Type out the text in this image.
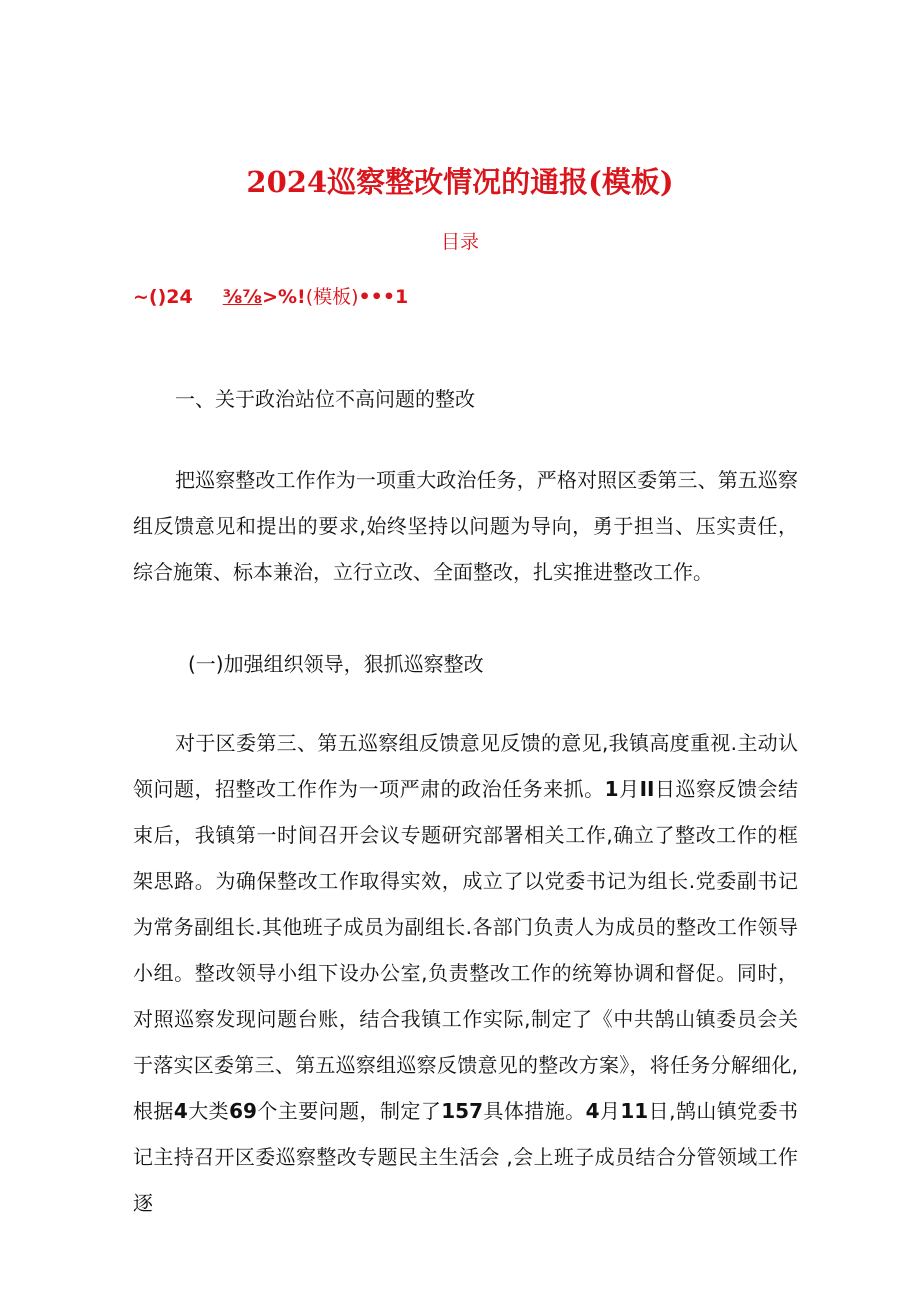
2024巡察整改情况的通报(模板)
目录
~()24 ⅜⅞>%!(模板)•••1
一、关于政治站位不高问题的整改

把巡察整改工作作为一项重大政治任务，严格对照区委第三、第五巡察组反馈意见和提出的要求,始终坚持以问题为导向，勇于担当、压实责任，综合施策、标本兼治，立行立改、全面整改，扎实推进整改工作。

(一)加强组织领导，狠抓巡察整改

对于区委第三、第五巡察组反馈意见反馈的意见,我镇高度重视.主动认领问题，招整改工作作为一项严肃的政治任务来抓。1月II日巡察反馈会结束后，我镇第一时间召开会议专题研究部署相关工作,确立了整改工作的框架思路。为确保整改工作取得实效，成立了以党委书记为组长.党委副书记为常务副组长.其他班子成员为副组长.各部门负责人为成员的整改工作领导小组。整改领导小组下设办公室,负责整改工作的统筹协调和督促。同时，对照巡察发现问题台账，结合我镇工作实际,制定了《中共鹄山镇委员会关于落实区委第三、第五巡察组巡察反馈意见的整改方案》，将任务分解细化,根据4大类69个主要问题，制定了157具体措施。4月11日,鹄山镇党委书记主持召开区委巡察整改专题民主生活会 ,会上班子成员结合分管领域工作逐
